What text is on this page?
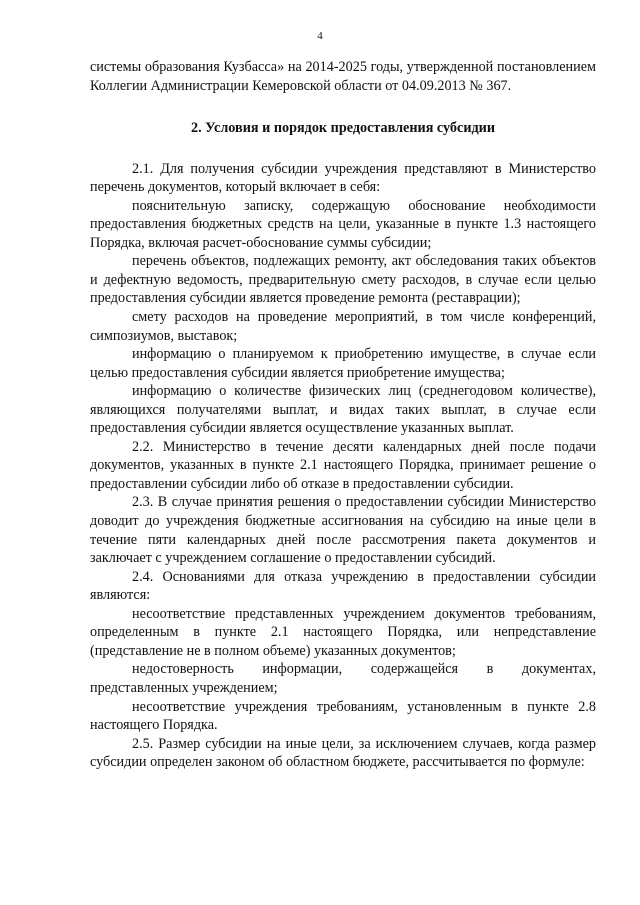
4

системы образования Кузбасса» на 2014-2025 годы, утвержденной постановлением Коллегии Администрации Кемеровской области от 04.09.2013 № 367.

2. Условия и порядок предоставления субсидии

2.1. Для получения субсидии учреждения представляют в Министерство перечень документов, который включает в себя:

пояснительную записку, содержащую обоснование необходимости предоставления бюджетных средств на цели, указанные в пункте 1.3 настоящего Порядка, включая расчет-обоснование суммы субсидии;

перечень объектов, подлежащих ремонту, акт обследования таких объектов и дефектную ведомость, предварительную смету расходов, в случае если целью предоставления субсидии является проведение ремонта (реставрации);

смету расходов на проведение мероприятий, в том числе конференций, симпозиумов, выставок;

информацию о планируемом к приобретению имуществе, в случае если целью предоставления субсидии является приобретение имущества;

информацию о количестве физических лиц (среднегодовом количестве), являющихся получателями выплат, и видах таких выплат, в случае если предоставления субсидии является осуществление указанных выплат.

2.2. Министерство в течение десяти календарных дней после подачи документов, указанных в пункте 2.1 настоящего Порядка, принимает решение о предоставлении субсидии либо об отказе в предоставлении субсидии.

2.3. В случае принятия решения о предоставлении субсидии Министерство доводит до учреждения бюджетные ассигнования на субсидию на иные цели в течение пяти календарных дней после рассмотрения пакета документов и заключает с учреждением соглашение о предоставлении субсидий.

2.4. Основаниями для отказа учреждению в предоставлении субсидии являются:

несоответствие представленных учреждением документов требованиям, определенным в пункте 2.1 настоящего Порядка, или непредставление (представление не в полном объеме) указанных документов;

недостоверность информации, содержащейся в документах, представленных учреждением;

несоответствие учреждения требованиям, установленным в пункте 2.8 настоящего Порядка.

2.5. Размер субсидии на иные цели, за исключением случаев, когда размер субсидии определен законом об областном бюджете, рассчитывается по формуле:
